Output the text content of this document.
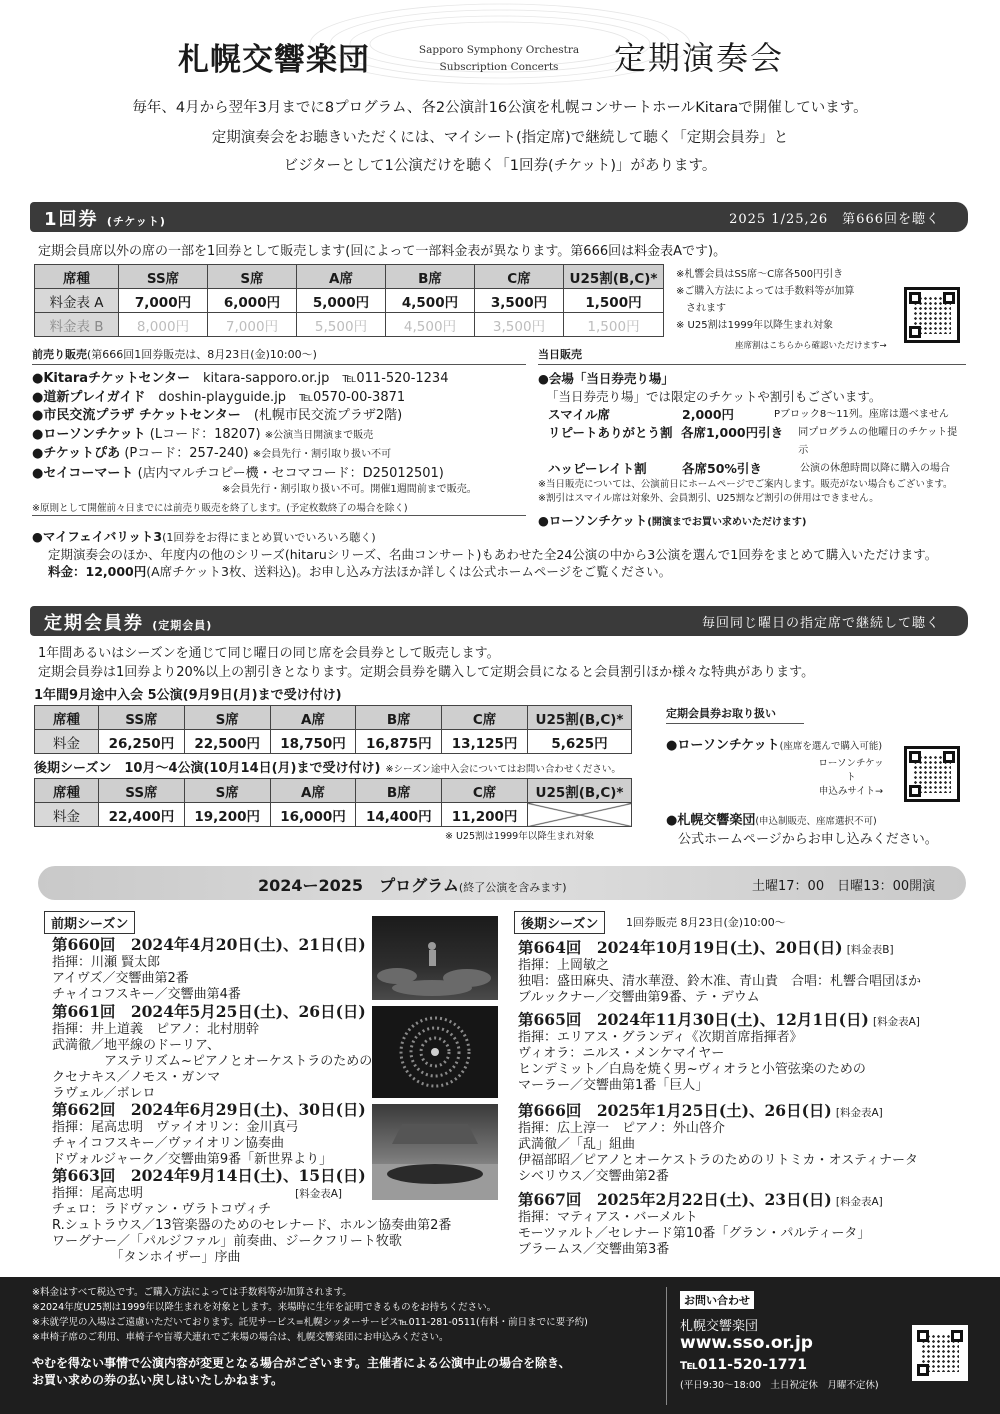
札幌交響楽団	Sapporo Symphony Orchestra
Subscription Concerts	定期演奏会
毎年、4月から翌年3月までに8プログラム、各2公演計16公演を札幌コンサートホールKitaraで開催しています。
定期演奏会をお聴きいただくには、マイシート(指定席)で継続して聴く「定期会員券」と
ビジターとして1公演だけを聴く「1回券(チケット)」があります。
1回券 (チケット)	2025 1/25,26　第666回を聴く
定期会員席以外の席の一部を1回券として販売します(回によって一部料金表が異なります。第666回は料金表Aです)。
席種	SS席	S席	A席	B席	C席	U25割(B,C)*
料金表 A	7,000円	6,000円	5,000円	4,500円	3,500円	1,500円
料金表 B	8,000円	7,000円	5,500円	4,500円	3,500円	1,500円
※札響会員はSS席～C席各500円引き
※ご購入方法によっては手数料等が加算
　されます
※ U25割は1999年以降生まれ対象
座席割はこちらから確認いただけます→
前売り販売(第666回1回券販売は、8月23日(金)10:00～)
●Kitaraチケットセンター　 kitara-sapporo.or.jp　 ℡011-520-1234
●道新プレイガイド　 doshin-playguide.jp　 ℡0570-00-3871
●市民交流プラザ チケットセンター　 (札幌市民交流プラザ2階)
●ローソンチケット (Lコード：18207) ※公演当日開演まで販売
●チケットぴあ (Pコード：257-240) ※会員先行・割引取り扱い不可
●セイコーマート (店内マルチコピー機・セコマコード：D25012501)
※会員先行・割引取り扱い不可。開催1週間前まで販売。
※原則として開催前々日までには前売り販売を終了します。(予定枚数終了の場合を除く)
当日販売
●会場「当日券売り場」
「当日券売り場」では限定のチケットや割引もございます。
スマイル席	2,000円	Pブロック8～11列。座席は選べません
リピートありがとう割 各席1,000円引き	同プログラムの他曜日のチケット提示
ハッピーレイト割	各席50%引き	公演の休憩時間以降に購入の場合
※当日販売については、公演前日にホームページでご案内します。販売がない場合もございます。
※割引はスマイル席は対象外、会員割引、U25割など割引の併用はできません。
●ローソンチケット(開演までお買い求めいただけます)
●マイフェイバリット3(1回券をお得にまとめ買いでいろいろ聴く)
定期演奏会のほか、年度内の他のシリーズ(hitaruシリーズ、名曲コンサート)もあわせた全24公演の中から3公演を選んで1回券をまとめて購入いただけます。
料金：12,000円(A席チケット3枚、送料込)。お申し込み方法ほか詳しくは公式ホームページをご覧ください。
定期会員券 (定期会員)	毎回同じ曜日の指定席で継続して聴く
1年間あるいはシーズンを通じて同じ曜日の同じ席を会員券として販売します。
定期会員券は1回券より20%以上の割引きとなります。定期会員券を購入して定期会員になると会員割引ほか様々な特典があります。
1年間9月途中入会 5公演(9月9日(月)まで受け付け)
席種	SS席	S席	A席	B席	C席	U25割(B,C)*
料金	26,250円	22,500円	18,750円	16,875円	13,125円	5,625円
後期シーズン　10月～4公演(10月14日(月)まで受け付け) ※シーズン途中入会についてはお問い合わせください。
席種	SS席	S席	A席	B席	C席	U25割(B,C)*
料金	22,400円	19,200円	16,000円	14,400円	11,200円	
※ U25割は1999年以降生まれ対象
定期会員券お取り扱い
●ローソンチケット(座席を選んで購入可能)
ローソンチケット
申込みサイト→
●札幌交響楽団(申込制販売、座席選択不可)
公式ホームページからお申し込みください。
2024ー2025　プログラム(終了公演を含みます)	土曜17：00　日曜13：00開演
前期シーズン	後期シーズン	1回券販売 8月23日(金)10:00～
第660回　2024年4月20日(土)、21日(日)
指揮：川瀬 賢太郎
アイヴズ／交響曲第2番
チャイコフスキー／交響曲第4番
第661回　2024年5月25日(土)、26日(日)
指揮：井上道義　ピアノ：北村朋幹
武満徹／地平線のドーリア、
　　　　アステリズム~ピアノとオーケストラのための
クセナキス／ノモス・ガンマ
ラヴェル／ボレロ
第662回　2024年6月29日(土)、30日(日)
指揮：尾高忠明　ヴァイオリン：金川真弓
チャイコフスキー／ヴァイオリン協奏曲
ドヴォルジャーク／交響曲第9番「新世界より」
第663回　2024年9月14日(土)、15日(日)
指揮：尾高忠明	[料金表A]
チェロ：ラドヴァン・ヴラトコヴィチ
R.シュトラウス／13管楽器のためのセレナード、ホルン協奏曲第2番
ワーグナー／「パルジファル」前奏曲、ジークフリート牧歌
　　　　　「タンホイザー」序曲
第664回　2024年10月19日(土)、20日(日) [料金表B]
指揮：上岡敏之
独唱：盛田麻央、清水華澄、鈴木准、青山貴　合唱：札響合唱団ほか
ブルックナー／交響曲第9番、テ・デウム
第665回　2024年11月30日(土)、12月1日(日) [料金表A]
指揮：エリアス・グランディ《次期首席指揮者》
ヴィオラ：ニルス・メンケマイヤー
ヒンデミット／白鳥を焼く男~ヴィオラと小管弦楽のための
マーラー／交響曲第1番「巨人」
第666回　2025年1月25日(土)、26日(日) [料金表A]
指揮：広上淳一　ピアノ：外山啓介
武満徹／「乱」組曲
伊福部昭／ピアノとオーケストラのためのリトミカ・オスティナータ
シベリウス／交響曲第2番
第667回　2025年2月22日(土)、23日(日) [料金表A]
指揮：マティアス・バーメルト
モーツァルト／セレナード第10番「グラン・パルティータ」
ブラームス／交響曲第3番
※料金はすべて税込です。ご購入方法によっては手数料等が加算されます。
※2024年度U25割は1999年以降生まれを対象とします。来場時に生年を証明できるものをお持ちください。
※未就学児の入場はご遠慮いただいております。託児サービス=札幌シッターサービス℡011-281-0511(有料・前日までに要予約)
※車椅子席のご利用、車椅子や盲導犬連れでご来場の場合は、札幌交響楽団にお申込みください。
やむを得ない事情で公演内容が変更となる場合がございます。主催者による公演中止の場合を除き、
お買い求めの券の払い戻しはいたしかねます。
お問い合わせ
札幌交響楽団
www.sso.or.jp
℡011-520-1771
(平日9:30～18:00　土日祝定休　月曜不定休)
